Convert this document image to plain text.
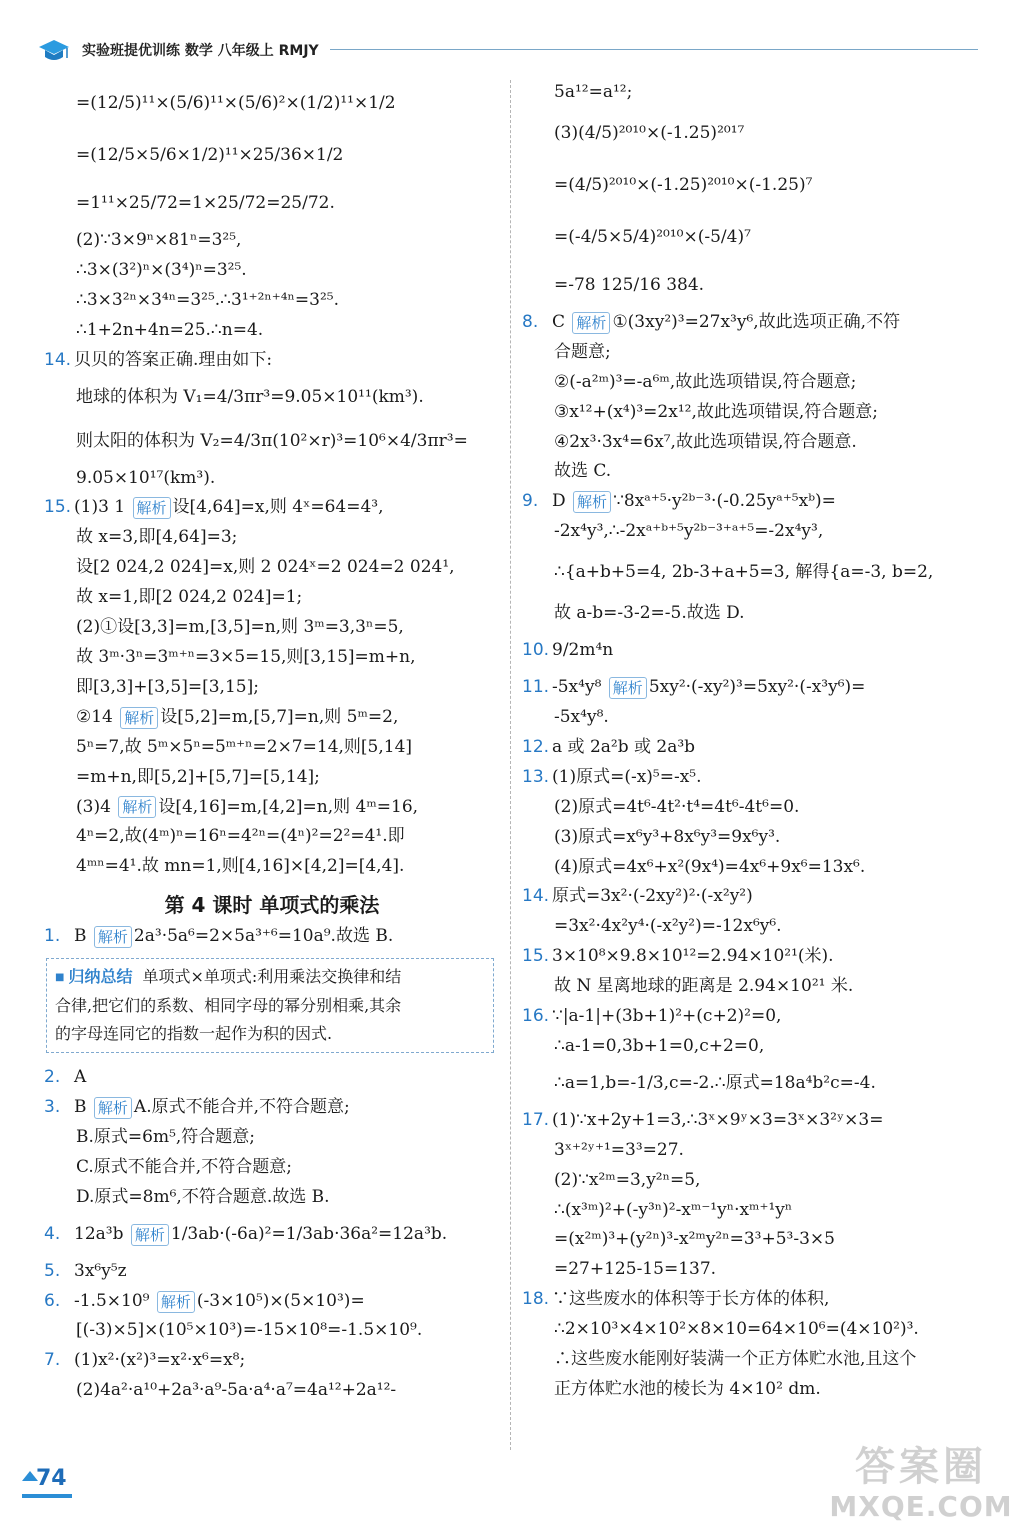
实验班提优训练 数学 八年级上 RMJY
=(12/5)¹¹×(5/6)¹¹×(5/6)²×(1/2)¹¹×1/2
=(12/5×5/6×1/2)¹¹×25/36×1/2
=1¹¹×25/72=1×25/72=25/72.
(2)∵3×9ⁿ×81ⁿ=3²⁵,
∴3×(3²)ⁿ×(3⁴)ⁿ=3²⁵.
∴3×3²ⁿ×3⁴ⁿ=3²⁵.∴3¹⁺²ⁿ⁺⁴ⁿ=3²⁵.
∴1+2n+4n=25.∴n=4.
14. 贝贝的答案正确.理由如下:
地球的体积为 V₁=4/3πr³=9.05×10¹¹(km³).
则太阳的体积为 V₂=4/3π(10²×r)³=10⁶×4/3πr³=
9.05×10¹⁷(km³).
15. (1)3 1
解析 设[4,64]=x,则 4ˣ=64=4³,
故 x=3,即[4,64]=3;
设[2 024,2 024]=x,则 2 024ˣ=2 024=2 024¹,
故 x=1,即[2 024,2 024]=1;
(2)①设[3,3]=m,[3,5]=n,则 3ᵐ=3,3ⁿ=5,
故 3ᵐ·3ⁿ=3ᵐ⁺ⁿ=3×5=15,则[3,15]=m+n,
即[3,3]+[3,5]=[3,15];
②14
解析 设[5,2]=m,[5,7]=n,则 5ᵐ=2,
5ⁿ=7,故 5ᵐ×5ⁿ=5ᵐ⁺ⁿ=2×7=14,则[5,14]
=m+n,即[5,2]+[5,7]=[5,14];
(3)4
解析 设[4,16]=m,[4,2]=n,则 4ᵐ=16,
4ⁿ=2,故(4ᵐ)ⁿ=16ⁿ=4²ⁿ=(4ⁿ)²=2²=4¹.即
4ᵐⁿ=4¹.故 mn=1,则[4,16]×[4,2]=[4,4].
第 4 课时 单项式的乘法
1. B
解析 2a³·5a⁶=2×5a³⁺⁶=10a⁹.故选 B.
■ 归纳总结 单项式×单项式:利用乘法交换律和结
合律,把它们的系数、相同字母的幂分别相乘,其余
的字母连同它的指数一起作为积的因式.
2. A
3. B
解析 A.原式不能合并,不符合题意;
B.原式=6m⁵,符合题意;
C.原式不能合并,不符合题意;
D.原式=8m⁶,不符合题意.故选 B.
4. 12a³b
解析 1/3ab·(-6a)²=1/3ab·36a²=12a³b.
5. 3x⁶y⁵z
6. -1.5×10⁹
解析 (-3×10⁵)×(5×10³)=
[(-3)×5]×(10⁵×10³)=-15×10⁸=-1.5×10⁹.
7. (1)x²·(x²)³=x²·x⁶=x⁸;
(2)4a²·a¹⁰+2a³·a⁹-5a·a⁴·a⁷=4a¹²+2a¹²-
5a¹²=a¹²;
(3)(4/5)²⁰¹⁰×(-1.25)²⁰¹⁷
=(4/5)²⁰¹⁰×(-1.25)²⁰¹⁰×(-1.25)⁷
=(-4/5×5/4)²⁰¹⁰×(-5/4)⁷
=-78 125/16 384.
8. C
解析 ①(3xy²)³=27x³y⁶,故此选项正确,不符
合题意;
②(-a²ᵐ)³=-a⁶ᵐ,故此选项错误,符合题意;
③x¹²+(x⁴)³=2x¹²,故此选项错误,符合题意;
④2x³·3x⁴=6x⁷,故此选项错误,符合题意.
故选 C.
9. D
解析 ∵8xᵃ⁺⁵·y²ᵇ⁻³·(-0.25yᵃ⁺⁵xᵇ)=
-2x⁴y³,∴-2xᵃ⁺ᵇ⁺⁵y²ᵇ⁻³⁺ᵃ⁺⁵=-2x⁴y³,
∴{a+b+5=4, 2b-3+a+5=3, 解得{a=-3, b=2,
故 a-b=-3-2=-5.故选 D.
10. 9/2m⁴n
11. -5x⁴y⁸
解析 5xy²·(-xy²)³=5xy²·(-x³y⁶)=
-5x⁴y⁸.
12. a 或 2a²b 或 2a³b
13. (1)原式=(-x)⁵=-x⁵.
(2)原式=4t⁶-4t²·t⁴=4t⁶-4t⁶=0.
(3)原式=x⁶y³+8x⁶y³=9x⁶y³.
(4)原式=4x⁶+x²(9x⁴)=4x⁶+9x⁶=13x⁶.
14. 原式=3x²·(-2xy²)²·(-x²y²)
=3x²·4x²y⁴·(-x²y²)=-12x⁶y⁶.
15. 3×10⁸×9.8×10¹²=2.94×10²¹(米).
故 N 星离地球的距离是 2.94×10²¹ 米.
16. ∵|a-1|+(3b+1)²+(c+2)²=0,
∴a-1=0,3b+1=0,c+2=0,
∴a=1,b=-1/3,c=-2.∴原式=18a⁴b²c=-4.
17. (1)∵x+2y+1=3,∴3ˣ×9ʸ×3=3ˣ×3²ʸ×3=
3ˣ⁺²ʸ⁺¹=3³=27.
(2)∵x²ᵐ=3,y²ⁿ=5,
∴(x³ᵐ)²+(-y³ⁿ)²-xᵐ⁻¹yⁿ·xᵐ⁺¹yⁿ
=(x²ᵐ)³+(y²ⁿ)³-x²ᵐy²ⁿ=3³+5³-3×5
=27+125-15=137.
18. ∵这些废水的体积等于长方体的体积,
∴2×10³×4×10²×8×10=64×10⁶=(4×10²)³.
∴这些废水能刚好装满一个正方体贮水池,且这个
正方体贮水池的棱长为 4×10² dm.
74	答案圈
MXQE.COM
